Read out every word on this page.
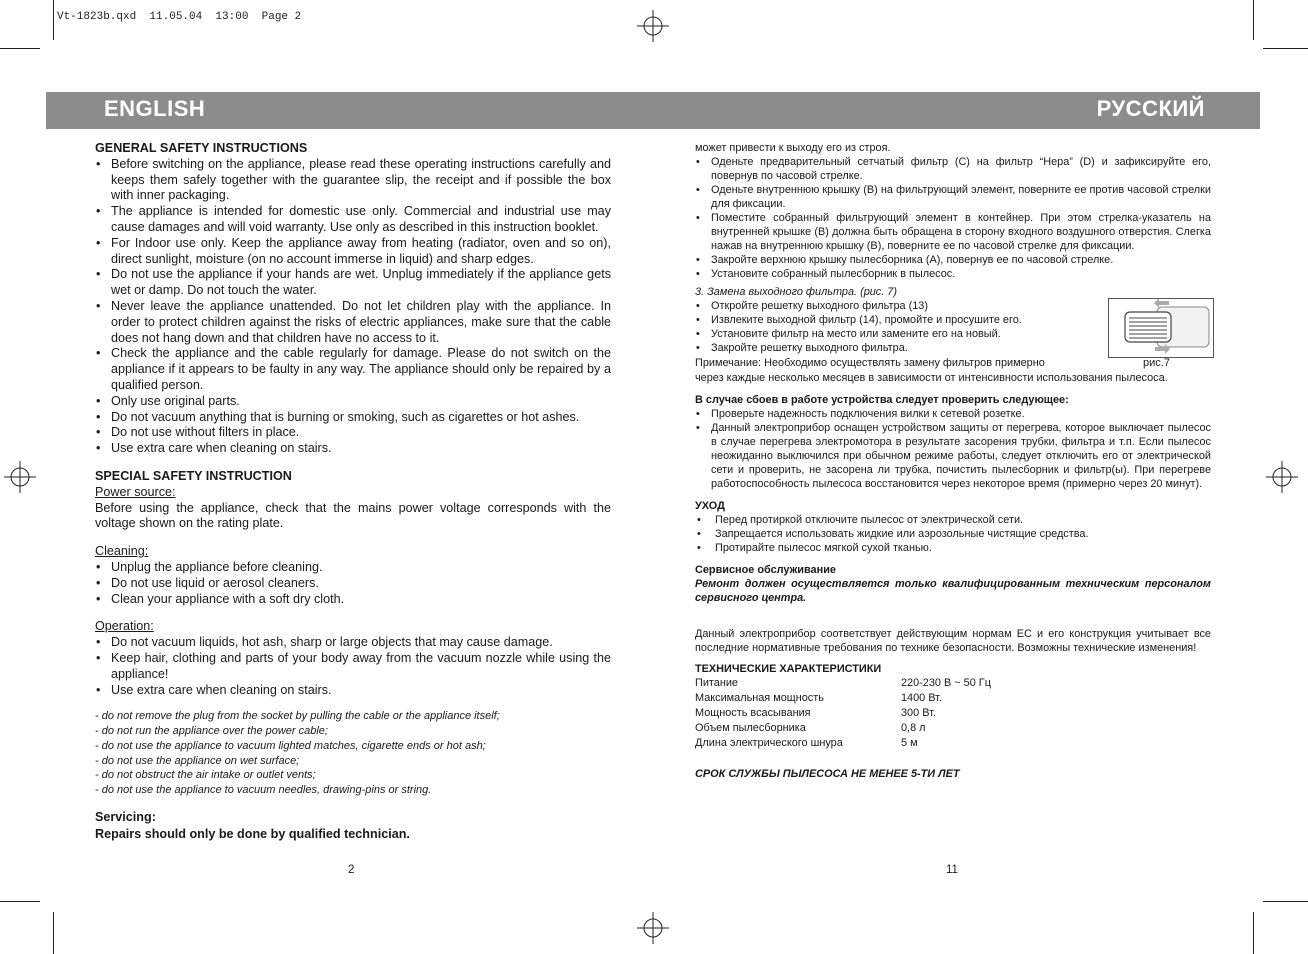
Vt-1823b.qxd  11.05.04  13:00  Page 2
ENGLISH	РУССКИЙ
GENERAL SAFETY INSTRUCTIONS
• Before switching on the appliance, please read these operating instructions carefully and keeps them safely together with the guarantee slip, the receipt and if possible the box with inner packaging.
• The appliance is intended for domestic use only. Commercial and industrial use may cause damages and will void warranty. Use only as described in this instruction booklet.
• For Indoor use only. Keep the appliance away from heating (radiator, oven and so on), direct sunlight, moisture (on no account immerse in liquid) and sharp edges.
• Do not use the appliance if your hands are wet. Unplug immediately if the appliance gets wet or damp. Do not touch the water.
• Never leave the appliance unattended. Do not let children play with the appliance. In order to protect children against the risks of electric appliances, make sure that the cable does not hang down and that children have no access to it.
• Check the appliance and the cable regularly for damage. Please do not switch on the appliance if it appears to be faulty in any way. The appliance should only be repaired by a qualified person.
• Only use original parts.
• Do not vacuum anything that is burning or smoking, such as cigarettes or hot ashes.
• Do not use without filters in place.
• Use extra care when cleaning on stairs.
SPECIAL SAFETY INSTRUCTION

Power source:

Before using the appliance, check that the mains power voltage corresponds with the voltage shown on the rating plate.

Cleaning:

• Unplug the appliance before cleaning.
• Do not use liquid or aerosol cleaners.
• Clean your appliance with a soft dry cloth.

Operation:

• Do not vacuum liquids, hot ash, sharp or large objects that may cause damage.
• Keep hair, clothing and parts of your body away from the vacuum nozzle while using the appliance!
• Use extra care when cleaning on stairs.
- do not remove the plug from the socket by pulling the cable or the appliance itself;
- do not run the appliance over the power cable;
- do not use the appliance to vacuum lighted matches, cigarette ends or hot ash;
- do not use the appliance on wet surface;
- do not obstruct the air intake or outlet vents;
- do not use the appliance to vacuum needles, drawing-pins or string.
Servicing:
Repairs should only be done by qualified technician.
2

может привести к выходу его из строя.

• Оденьте предварительный сетчатый фильтр (С) на фильтр “Hepa” (D) и зафиксируйте его, повернув по часовой стрелке.
• Оденьте внутреннюю крышку (В) на фильтрующий элемент, поверните ее против часовой стрелки для фиксации.
• Поместите собранный фильтрующий элемент в контейнер. При этом стрелка-указатель на внутренней крышке (В) должна быть обращена в сторону входного воздушного отверстия. Слегка нажав на внутреннюю крышку (В), поверните ее по часовой стрелке для фиксации.
• Закройте верхнюю крышку пылесборника (А), повернув ее по часовой стрелке.
• Установите собранный пылесборник в пылесос.

3. Замена выходного фильтра. (рис. 7)

• Откройте решетку выходного фильтра (13)
• Извлеките выходной фильтр (14), промойте и просушите его.
• Установите фильтр на место или замените его на новый.
• Закройте решетку выходного фильтра.

Примечание: Необходимо осуществлять замену фильтров примерно

через каждые несколько месяцев в зависимости от интенсивности использования пылесоса.

В случае сбоев в работе устройства следует проверить следующее:
• Проверьте надежность подключения вилки к сетевой розетке.
• Данный электроприбор оснащен устройством защиты от перегрева, которое выключает пылесос в случае перегрева электромотора в результате засорения трубки, фильтра и т.п. Если пылесос неожиданно выключился при обычном режиме работы, следует отключить его от электрической сети и проверить, не засорена ли трубка, почистить пылесборник и фильтр(ы). При перегреве работоспособность пылесоса восстановится через некоторое время (примерно через 20 минут).
УХОД
• Перед протиркой отключите пылесос от электрической сети.
• Запрещается использовать жидкие или аэрозольные чистящие средства.
• Протирайте пылесос мягкой сухой тканью.
Сервисное обслуживание

Ремонт должен осуществляется только квалифицированным техническим персоналом сервисного центра.

Данный электроприбор соответствует действующим нормам ЕС и его конструкция учитывает все последние нормативные требования по технике безопасности. Возможны технические изменения!

ТЕХНИЧЕСКИЕ ХАРАКТЕРИСТИКИ
Питание	220-230 В ~ 50 Гц
Максимальная мощность	1400 Вт.
Мощность всасывания	300 Вт.
Объем пылесборника	0,8 л
Длина электрического шнура	5 м

СРОК СЛУЖБЫ ПЫЛЕСОСА НЕ МЕНЕЕ 5-ТИ ЛЕТ

рис.7
11
